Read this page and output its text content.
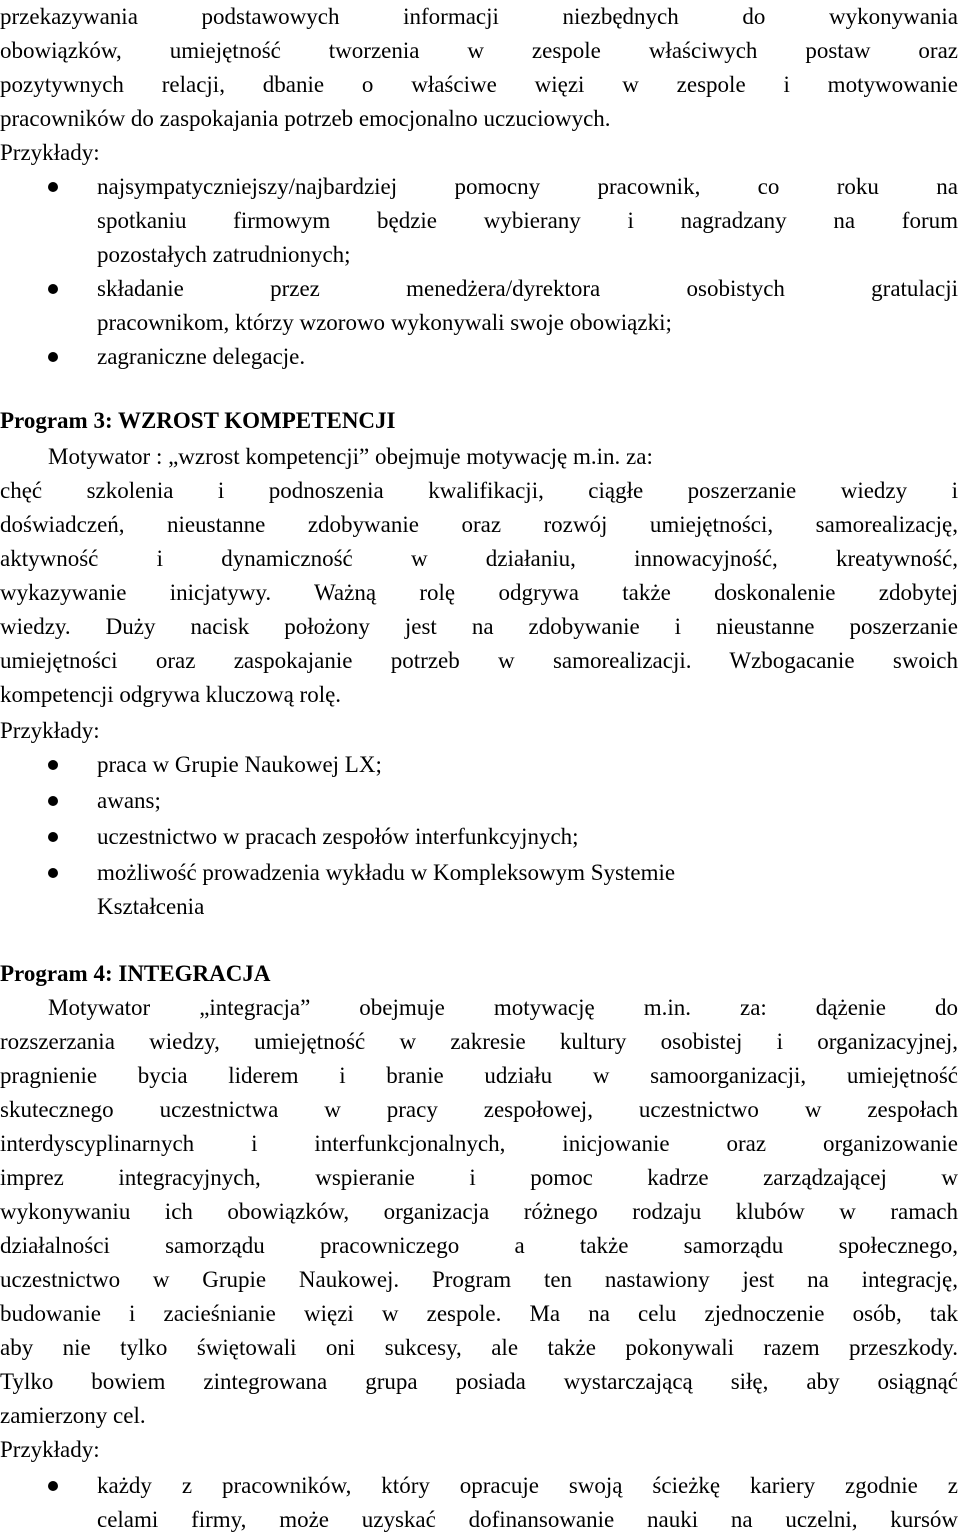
przekazywania podstawowych informacji niezbędnych do wykonywania
obowiązków, umiejętność tworzenia w zespole właściwych postaw oraz
pozytywnych relacji, dbanie o właściwe więzi w zespole i motywowanie
pracowników do zaspokajania potrzeb emocjonalno uczuciowych.
Przykłady:
najsympatyczniejszy/najbardziej pomocny pracownik, co roku na
spotkaniu firmowym będzie wybierany i nagradzany na forum
pozostałych zatrudnionych;
składanie przez menedżera/dyrektora osobistych gratulacji
pracownikom, którzy wzorowo wykonywali swoje obowiązki;
zagraniczne delegacje.
Program 3: WZROST KOMPETENCJI
Motywator : „wzrost kompetencji” obejmuje motywację m.in. za:
chęć szkolenia i podnoszenia kwalifikacji, ciągłe poszerzanie wiedzy i
doświadczeń, nieustanne zdobywanie oraz rozwój umiejętności, samorealizację,
aktywność i dynamiczność w działaniu, innowacyjność, kreatywność,
wykazywanie inicjatywy. Ważną rolę odgrywa także doskonalenie zdobytej
wiedzy. Duży nacisk położony jest na zdobywanie i nieustanne poszerzanie
umiejętności oraz zaspokajanie potrzeb w samorealizacji. Wzbogacanie swoich
kompetencji odgrywa kluczową rolę.
Przykłady:
praca w Grupie Naukowej LX;
awans;
uczestnictwo w pracach zespołów interfunkcyjnych;
możliwość prowadzenia wykładu w Kompleksowym Systemie
Kształcenia
Program 4: INTEGRACJA
Motywator „integracja” obejmuje motywację m.in. za: dążenie do
rozszerzania wiedzy, umiejętność w zakresie kultury osobistej i organizacyjnej,
pragnienie bycia liderem i branie udziału w samoorganizacji, umiejętność
skutecznego uczestnictwa w pracy zespołowej, uczestnictwo w zespołach
interdyscyplinarnych i interfunkcjonalnych, inicjowanie oraz organizowanie
imprez integracyjnych, wspieranie i pomoc kadrze zarządzającej w
wykonywaniu ich obowiązków, organizacja różnego rodzaju klubów w ramach
działalności samorządu pracowniczego a także samorządu społecznego,
uczestnictwo w Grupie Naukowej. Program ten nastawiony jest na integrację,
budowanie i zacieśnianie więzi w zespole. Ma na celu zjednoczenie osób, tak
aby nie tylko świętowali oni sukcesy, ale także pokonywali razem przeszkody.
Tylko bowiem zintegrowana grupa posiada wystarczającą siłę, aby osiągnąć
zamierzony cel.
Przykłady:
każdy z pracowników, który opracuje swoją ścieżkę kariery zgodnie z
celami firmy, może uzyskać dofinansowanie nauki na uczelni, kursów
